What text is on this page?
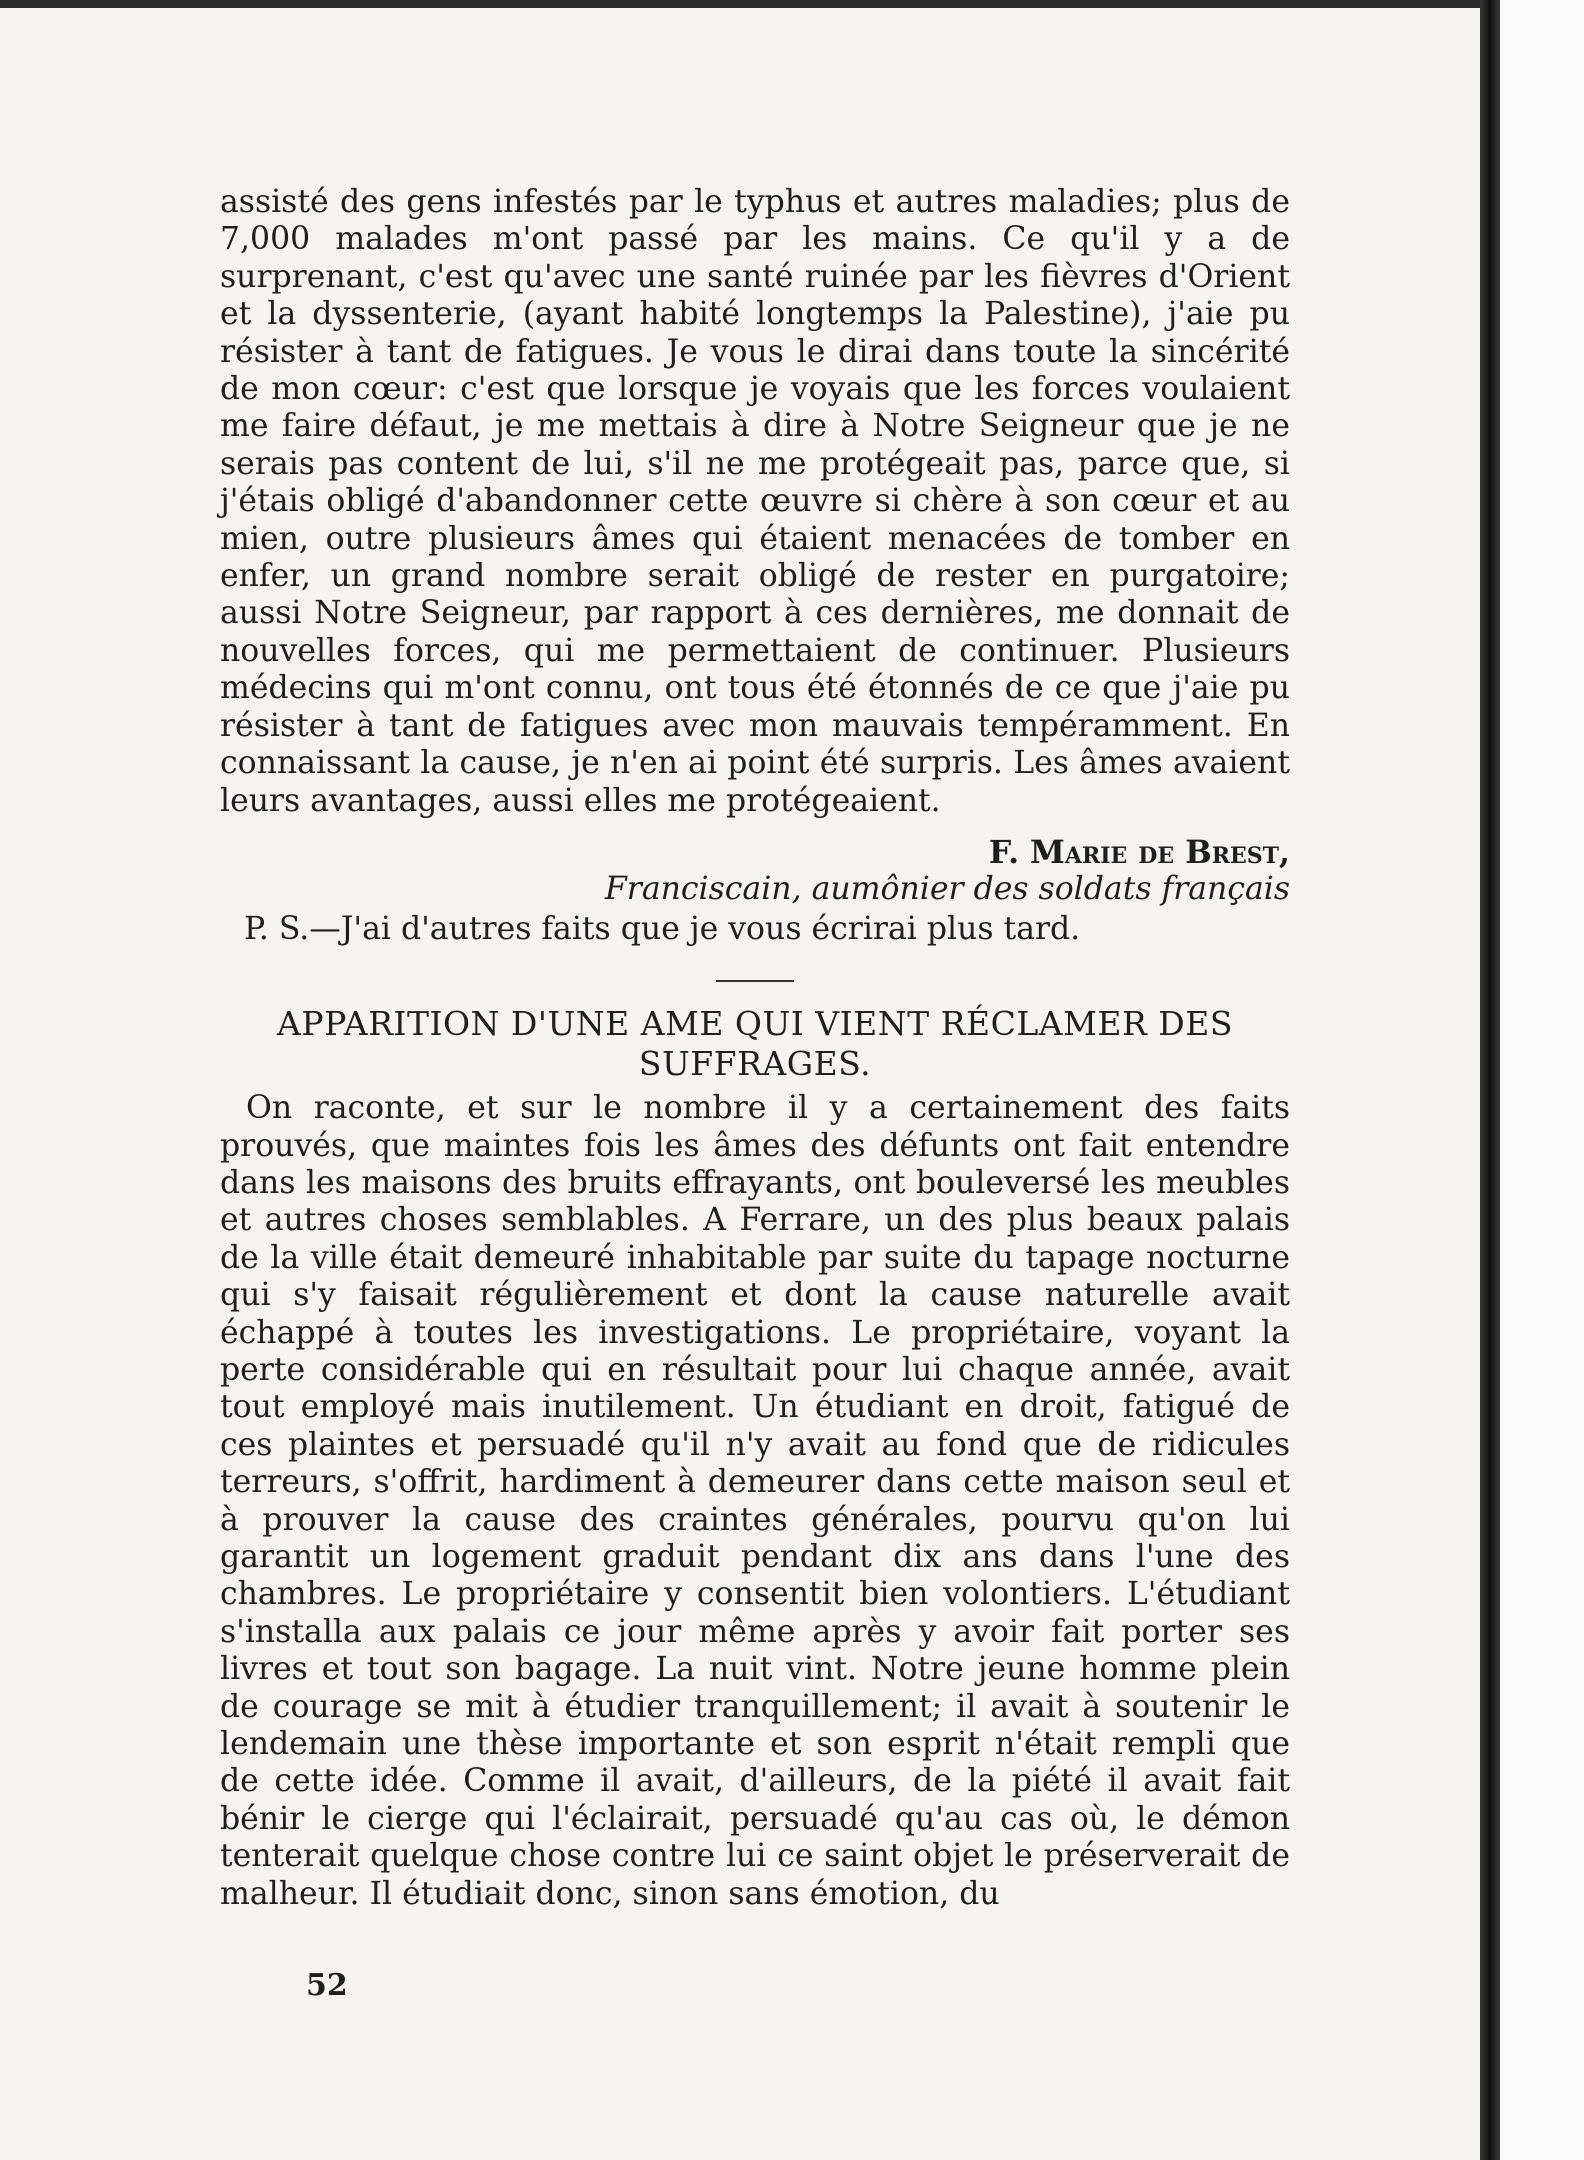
assisté des gens infestés par le typhus et autres maladies; plus de 7,000 malades m'ont passé par les mains. Ce qu'il y a de surprenant, c'est qu'avec une santé ruinée par les fièvres d'Orient et la dyssenterie, (ayant habité longtemps la Palestine), j'aie pu résister à tant de fatigues. Je vous le dirai dans toute la sincérité de mon cœur: c'est que lorsque je voyais que les forces voulaient me faire défaut, je me mettais à dire à Notre Seigneur que je ne serais pas content de lui, s'il ne me protégeait pas, parce que, si j'étais obligé d'abandonner cette œuvre si chère à son cœur et au mien, outre plusieurs âmes qui étaient menacées de tomber en enfer, un grand nombre serait obligé de rester en purgatoire; aussi Notre Seigneur, par rapport à ces dernières, me donnait de nouvelles forces, qui me permettaient de continuer. Plusieurs médecins qui m'ont connu, ont tous été étonnés de ce que j'aie pu résister à tant de fatigues avec mon mauvais tempéramment. En connaissant la cause, je n'en ai point été surpris. Les âmes avaient leurs avantages, aussi elles me protégeaient.

F. Marie de Brest,

Franciscain, aumônier des soldats français

P. S.—J'ai d'autres faits que je vous écrirai plus tard.

APPARITION D'UNE AME QUI VIENT RÉCLAMER DES SUFFRAGES.

On raconte, et sur le nombre il y a certainement des faits prouvés, que maintes fois les âmes des défunts ont fait entendre dans les maisons des bruits effrayants, ont bouleversé les meubles et autres choses semblables. A Ferrare, un des plus beaux palais de la ville était demeuré inhabitable par suite du tapage nocturne qui s'y faisait régulièrement et dont la cause naturelle avait échappé à toutes les investigations. Le propriétaire, voyant la perte considérable qui en résultait pour lui chaque année, avait tout employé mais inutilement. Un étudiant en droit, fatigué de ces plaintes et persuadé qu'il n'y avait au fond que de ridicules terreurs, s'offrit, hardiment à demeurer dans cette maison seul et à prouver la cause des craintes générales, pourvu qu'on lui garantit un logement graduit pendant dix ans dans l'une des chambres. Le propriétaire y consentit bien volontiers. L'étudiant s'installa aux palais ce jour même après y avoir fait porter ses livres et tout son bagage. La nuit vint. Notre jeune homme plein de courage se mit à étudier tranquillement; il avait à soutenir le lendemain une thèse importante et son esprit n'était rempli que de cette idée. Comme il avait, d'ailleurs, de la piété il avait fait bénir le cierge qui l'éclairait, persuadé qu'au cas où, le démon tenterait quelque chose contre lui ce saint objet le préserverait de malheur. Il étudiait donc, sinon sans émotion, du

52
